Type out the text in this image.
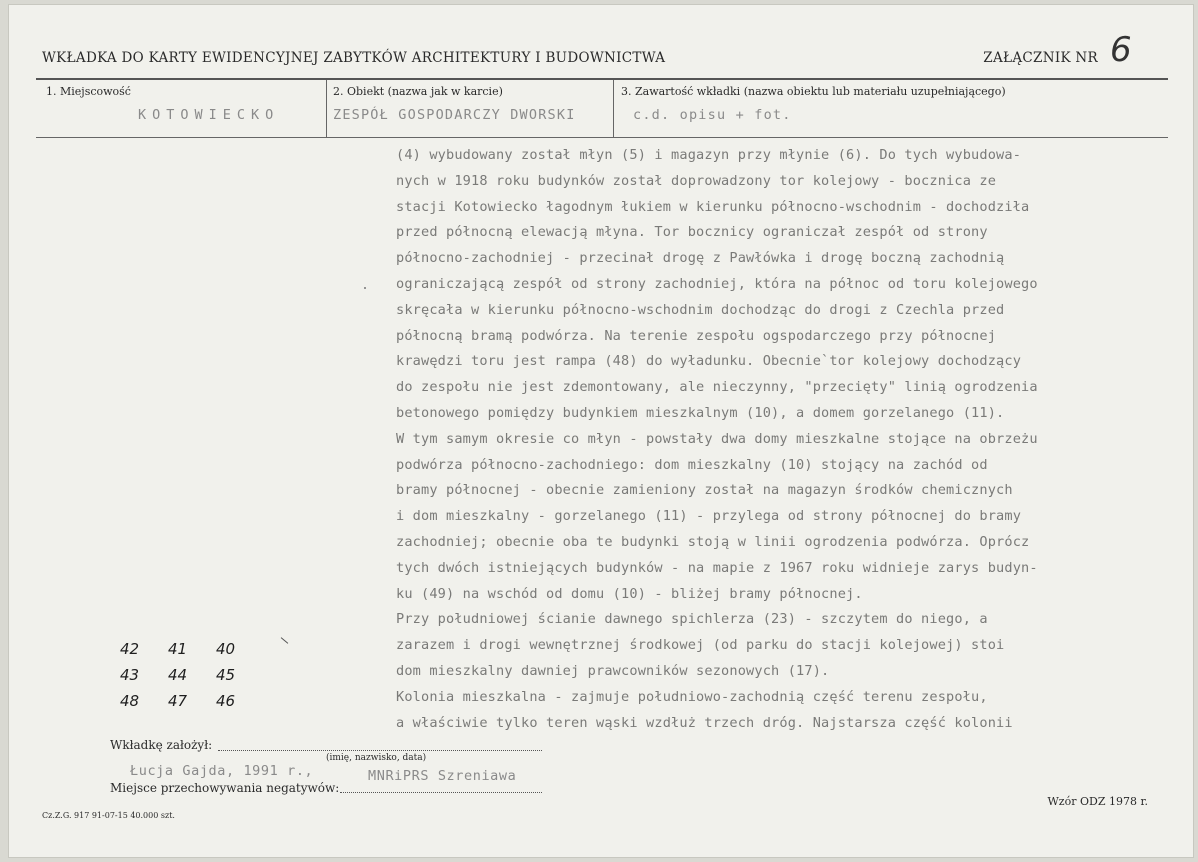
WKŁADKA DO KARTY EWIDENCYJNEJ ZABYTKÓW ARCHITEKTURY I BUDOWNICTWA	ZAŁĄCZNIK NR 6
1. Miejscowość
KOTOWIECKO
2. Obiekt (nazwa jak w karcie)
ZESPÓŁ GOSPODARCZY DWORSKI
3. Zawartość wkładki (nazwa obiektu lub materiału uzupełniającego)
c.d. opisu + fot.

(4) wybudowany został młyn (5) i magazyn przy młynie (6). Do tych wybudowa-

nych w 1918 roku budynków został doprowadzony tor kolejowy - bocznica ze

stacji Kotowiecko łagodnym łukiem w kierunku północno-wschodnim - dochodziła

przed północną elewacją młyna. Tor bocznicy ograniczał zespół od strony

północno-zachodniej - przecinał drogę z Pawłówka i drogę boczną zachodnią

ograniczającą zespół od strony zachodniej, która na północ od toru kolejowego

skręcała w kierunku północno-wschodnim dochodząc do drogi z Czechla przed

północną bramą podwórza. Na terenie zespołu ogspodarczego przy północnej

krawędzi toru jest rampa (48) do wyładunku. Obecnie`tor kolejowy dochodzący

do zespołu nie jest zdemontowany, ale nieczynny, "przecięty" linią ogrodzenia

betonowego pomiędzy budynkiem mieszkalnym (10), a domem gorzelanego (11).

W tym samym okresie co młyn - powstały dwa domy mieszkalne stojące na obrzeżu

podwórza północno-zachodniego: dom mieszkalny (10) stojący na zachód od

bramy północnej - obecnie zamieniony został na magazyn środków chemicznych

i dom mieszkalny - gorzelanego (11) - przylega od strony północnej do bramy

zachodniej; obecnie oba te budynki stoją w linii ogrodzenia podwórza. Oprócz

tych dwóch istniejących budynków - na mapie z 1967 roku widnieje zarys budyn-

ku (49) na wschód od domu (10) - bliżej bramy północnej.

Przy południowej ścianie dawnego spichlerza (23) - szczytem do niego, a

zarazem i drogi wewnętrznej środkowej (od parku do stacji kolejowej) stoi

dom mieszkalny dawniej prawcowników sezonowych (17).

Kolonia mieszkalna - zajmuje południowo-zachodnią część terenu zespołu,

a właściwie tylko teren wąski wzdłuż trzech dróg. Najstarsza część kolonii

42	41	40
43	44	45
48	47	46
Wkładkę założył:
(imię, nazwisko, data)
Łucja Gajda, 1991 r.,	MNRiPRS Szreniawa
Miejsce przechowywania negatywów:
Cz.Z.G. 917 91-07-15 40.000 szt.
Wzór ODZ 1978 r.
